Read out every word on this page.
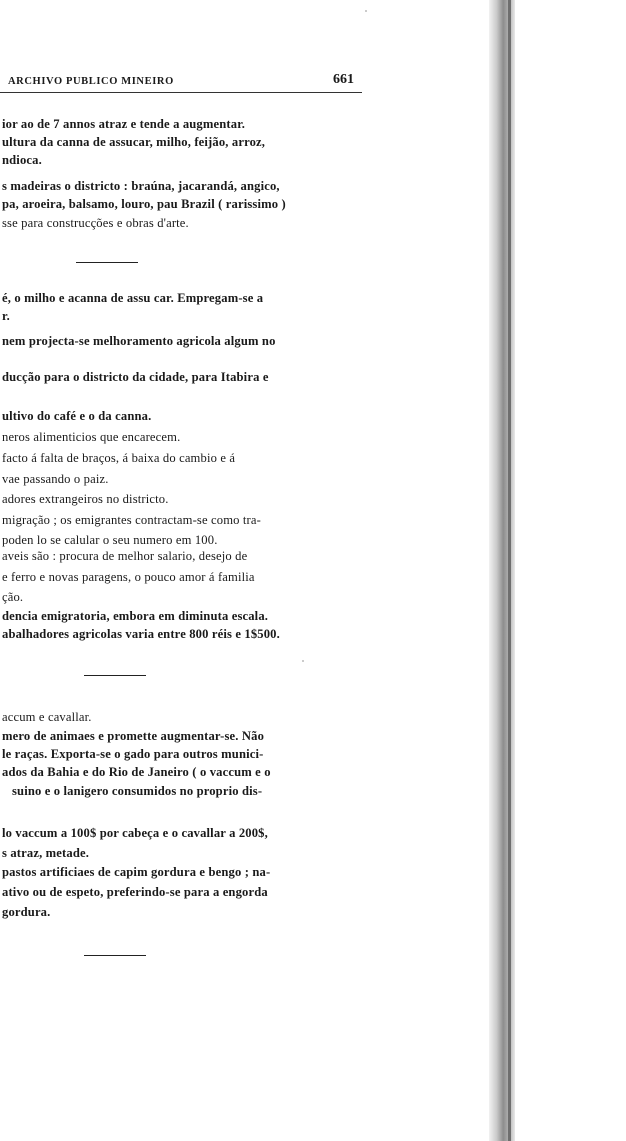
ARCHIVO PUBLICO MINEIRO	661
ior ao de 7 annos atraz e tende a augmentar.
ultura da canna de assucar, milho, feijão, arroz,
ndioca.
s madeiras o districto : braúna, jacarandá, angico,
pa, aroeira, balsamo, louro, pau Brazil ( rarissimo )
sse para construcções e obras d'arte.
é, o milho e acanna de assu car. Empregam-se a
r.
nem projecta-se melhoramento agricola algum no
ducção para o districto da cidade, para Itabira e
ultivo do café e o da canna.
neros alimenticios que encarecem.
facto á falta de braços, á baixa do cambio e á
vae passando o paiz.
adores extrangeiros no districto.
migração ; os emigrantes contractam-se como tra-
poden lo se calular o seu numero em 100.
aveis são : procura de melhor salario, desejo de
e ferro e novas paragens, o pouco amor á familia
ção.
dencia emigratoria, embora em diminuta escala.
abalhadores agricolas varia entre 800 réis e 1$500.
accum e cavallar.
mero de animaes e promette augmentar-se. Não
le raças. Exporta-se o gado para outros munici-
ados da Bahia e do Rio de Janeiro ( o vaccum e o
suino e o lanigero consumidos no proprio dis-
lo vaccum a 100$ por cabeça e o cavallar a 200$,
s atraz, metade.
pastos artificiaes de capim gordura e bengo ; na-
ativo ou de espeto, preferindo-se para a engorda
gordura.
